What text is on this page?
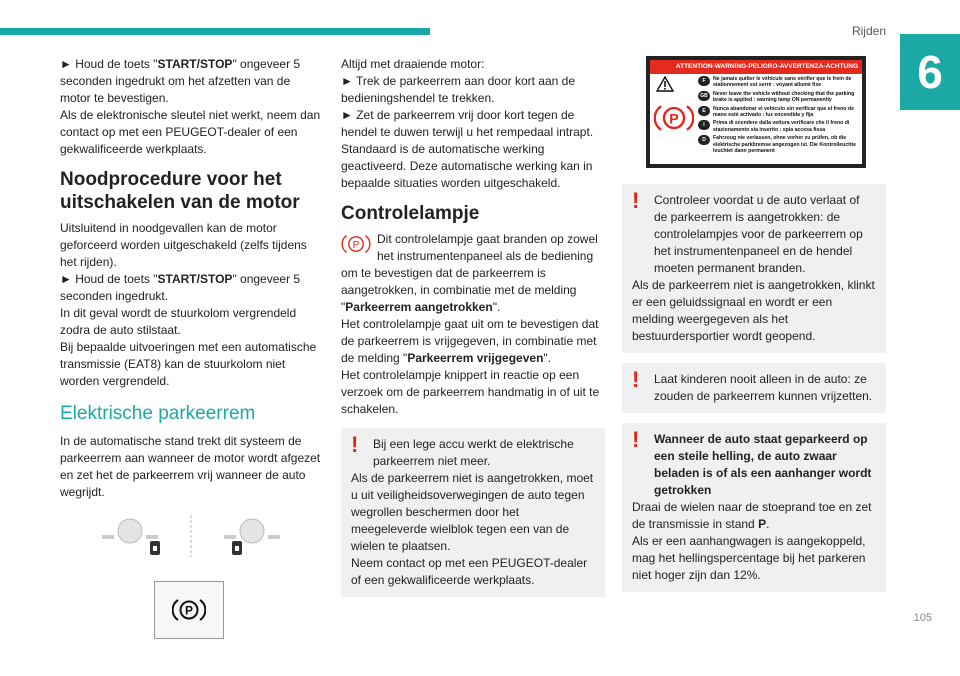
Rijden
6
105

► Houd de toets "START/STOP" ongeveer 5 seconden ingedrukt om het afzetten van de motor te bevestigen.

Als de elektronische sleutel niet werkt, neem dan contact op met een PEUGEOT-dealer of een gekwalificeerde werkplaats.

Noodprocedure voor het uitschakelen van de motor

Uitsluitend in noodgevallen kan de motor geforceerd worden uitgeschakeld (zelfs tijdens het rijden).

► Houd de toets "START/STOP" ongeveer 5 seconden ingedrukt.

In dit geval wordt de stuurkolom vergrendeld zodra de auto stilstaat.

Bij bepaalde uitvoeringen met een automatische transmissie (EAT8) kan de stuurkolom niet worden vergrendeld.

Elektrische parkeerrem

In de automatische stand trekt dit systeem de parkeerrem aan wanneer de motor wordt afgezet en zet het de parkeerrem vrij wanneer de auto wegrijdt.

P

Altijd met draaiende motor:

► Trek de parkeerrem aan door kort aan de bedieningshendel te trekken.

► Zet de parkeerrem vrij door kort tegen de hendel te duwen terwijl u het rempedaal intrapt.

Standaard is de automatische werking geactiveerd. Deze automatische werking kan in bepaalde situaties worden uitgeschakeld.

Controlelampje

P Dit controlelampje gaat branden op zowel het instrumentenpaneel als de bediening om te bevestigen dat de parkeerrem is aangetrokken, in combinatie met de melding "Parkeerrem aangetrokken".

Het controlelampje gaat uit om te bevestigen dat de parkeerrem is vrijgegeven, in combinatie met de melding "Parkeerrem vrijgegeven".

Het controlelampje knippert in reactie op een verzoek om de parkeerrem handmatig in of uit te schakelen.

!	Bij een lege accu werkt de elektrische parkeerrem niet meer.

Als de parkeerrem niet is aangetrokken, moet u uit veiligheidsoverwegingen de auto tegen wegrollen beschermen door het meegeleverde wielblok tegen een van de wielen te plaatsen.

Neem contact op met een PEUGEOT-dealer of een gekwalificeerde werkplaats.

ATTENTION-WARNING-PELIGRO-AVVERTENZA-ACHTUNG
P
F	Ne jamais quitter le véhicule sans vérifier que le frein de stationnement est serré : voyant allumé fixe
GB	Never leave the vehicle without checking that the parking brake is applied : warning lamp ON permanently
E	Nunca abandonar el vehículo sin verificar que el freno de mano esté activado : luz encendida y fija
I	Prima di scendere dalla vettura verificare che il freno di stazionamento sia inserito : spia accesa fissa
D	Fahrzeug nie verlassen, ohne vorher zu prüfen, ob die elektrische parkbremse angezogen ist. Die Kontrolleuchte leuchtet dann permanent
!	Controleer voordat u de auto verlaat of de parkeerrem is aangetrokken: de controlelampjes voor de parkeerrem op het instrumentenpaneel en de hendel moeten permanent branden.

Als de parkeerrem niet is aangetrokken, klinkt er een geluidssignaal en wordt er een melding weergegeven als het bestuurdersportier wordt geopend.

!	Laat kinderen nooit alleen in de auto: ze zouden de parkeerrem kunnen vrijzetten.

!	Wanneer de auto staat geparkeerd op een steile helling, de auto zwaar beladen is of als een aanhanger wordt getrokken

Draai de wielen naar de stoeprand toe en zet de transmissie in stand P.

Als er een aanhangwagen is aangekoppeld, mag het hellingspercentage bij het parkeren niet hoger zijn dan 12%.
